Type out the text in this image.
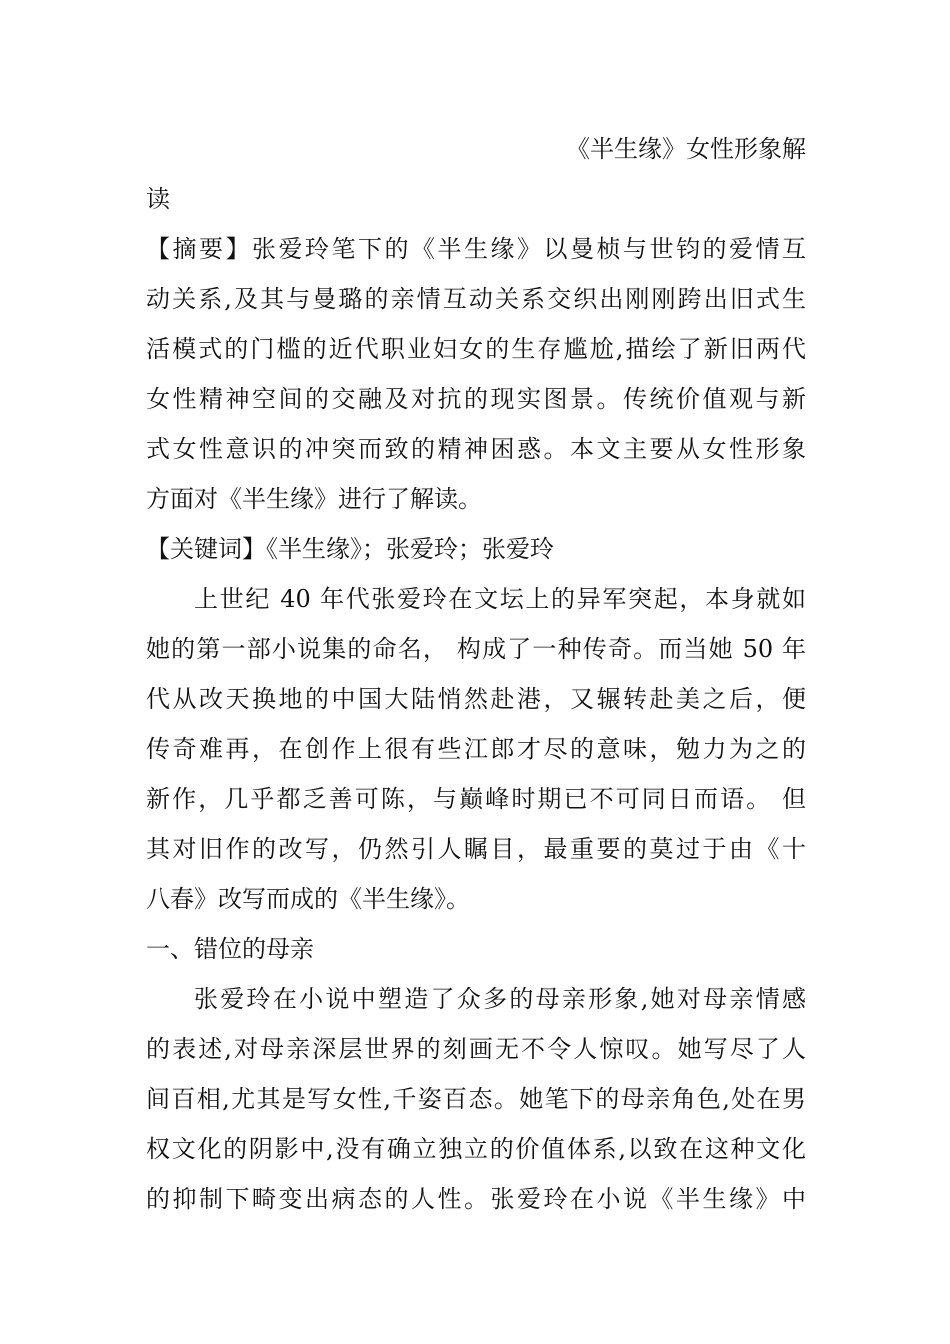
《半生缘》女性形象解
读
【摘要】张爱玲笔下的《半生缘》以曼桢与世钧的爱情互
动关系,及其与曼璐的亲情互动关系交织出刚刚跨出旧式生
活模式的门槛的近代职业妇女的生存尴尬,描绘了新旧两代
女性精神空间的交融及对抗的现实图景。传统价值观与新
式女性意识的冲突而致的精神困惑。本文主要从女性形象
方面对《半生缘》进行了解读。
【关键词】《半生缘》；张爱玲；张爱玲
上世纪 40 年代张爱玲在文坛上的异军突起，本身就如
她的第一部小说集的命名， 构成了一种传奇。而当她 50 年
代从改天换地的中国大陆悄然赴港，又辗转赴美之后，便
传奇难再，在创作上很有些江郎才尽的意味，勉力为之的
新作，几乎都乏善可陈，与巅峰时期已不可同日而语。 但
其对旧作的改写，仍然引人瞩目，最重要的莫过于由《十
八春》改写而成的《半生缘》。
一、错位的母亲
张爱玲在小说中塑造了众多的母亲形象,她对母亲情感
的表述,对母亲深层世界的刻画无不令人惊叹。她写尽了人
间百相,尤其是写女性,千姿百态。她笔下的母亲角色,处在男
权文化的阴影中,没有确立独立的价值体系,以致在这种文化
的抑制下畸变出病态的人性。张爱玲在小说《半生缘》中
